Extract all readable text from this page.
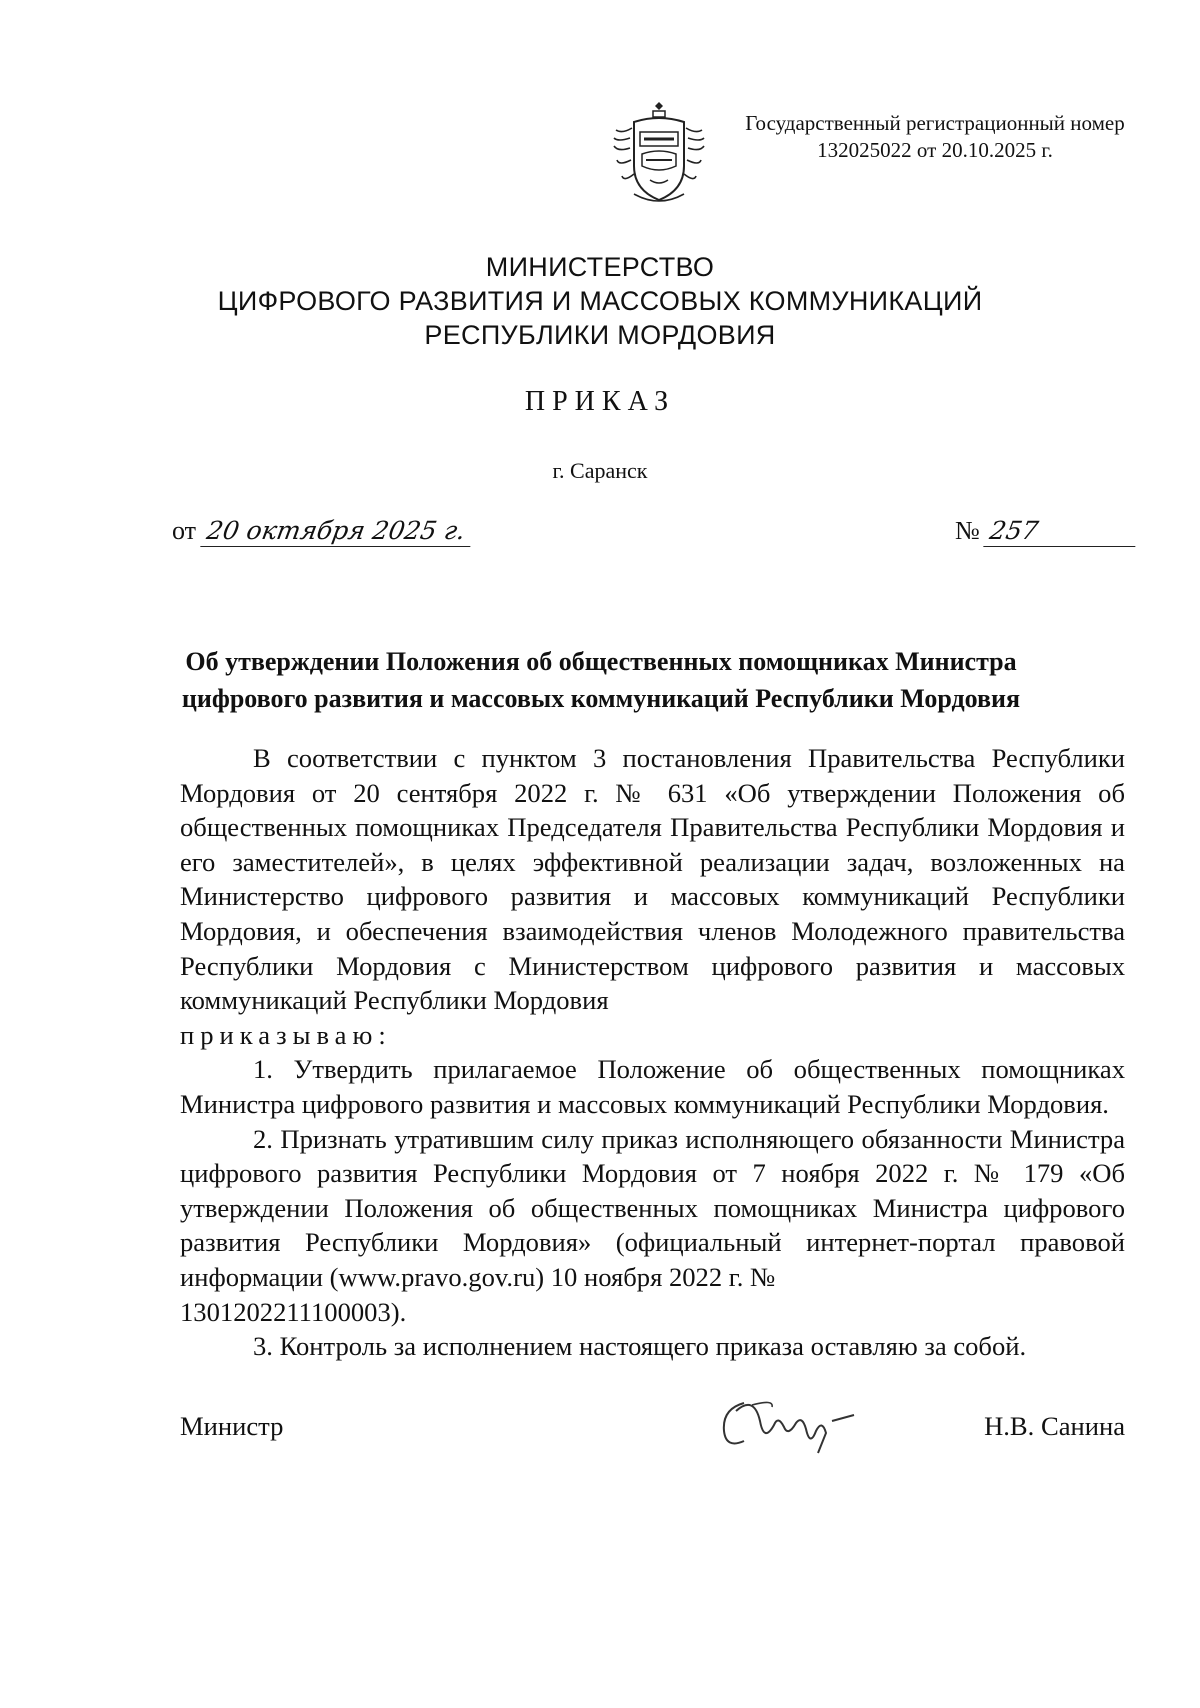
Государственный регистрационный номер
132025022 от 20.10.2025 г.
МИНИСТЕРСТВО
ЦИФРОВОГО РАЗВИТИЯ И МАССОВЫХ КОММУНИКАЦИЙ
РЕСПУБЛИКИ МОРДОВИЯ
ПРИКАЗ
г. Саранск
от 20 октября 2025 г.	№ 257
Об утверждении Положения об общественных помощниках Министра
цифрового развития и массовых коммуникаций Республики Мордовия

В соответствии с пунктом 3 постановления Правительства Республики Мордовия от 20 сентября 2022 г. № 631 «Об утверждении Положения об общественных помощниках Председателя Правительства Республики Мордовия и его заместителей», в целях эффективной реализации задач, возложенных на Министерство цифрового развития и массовых коммуникаций Республики Мордовия, и обеспечения взаимодействия членов Молодежного правительства Республики Мордовия с Министерством цифрового развития и массовых коммуникаций Республики Мордовия

приказываю:

1. Утвердить прилагаемое Положение об общественных помощниках Министра цифрового развития и массовых коммуникаций Республики Мордовия.

2. Признать утратившим силу приказ исполняющего обязанности Министра цифрового развития Республики Мордовия от 7 ноября 2022 г. № 179 «Об утверждении Положения об общественных помощниках Министра цифрового развития Республики Мордовия» (официальный интернет-портал правовой информации (www.pravo.gov.ru) 10 ноября 2022 г. №

1301202211100003).

3. Контроль за исполнением настоящего приказа оставляю за собой.

Министр	Н.В. Санина
